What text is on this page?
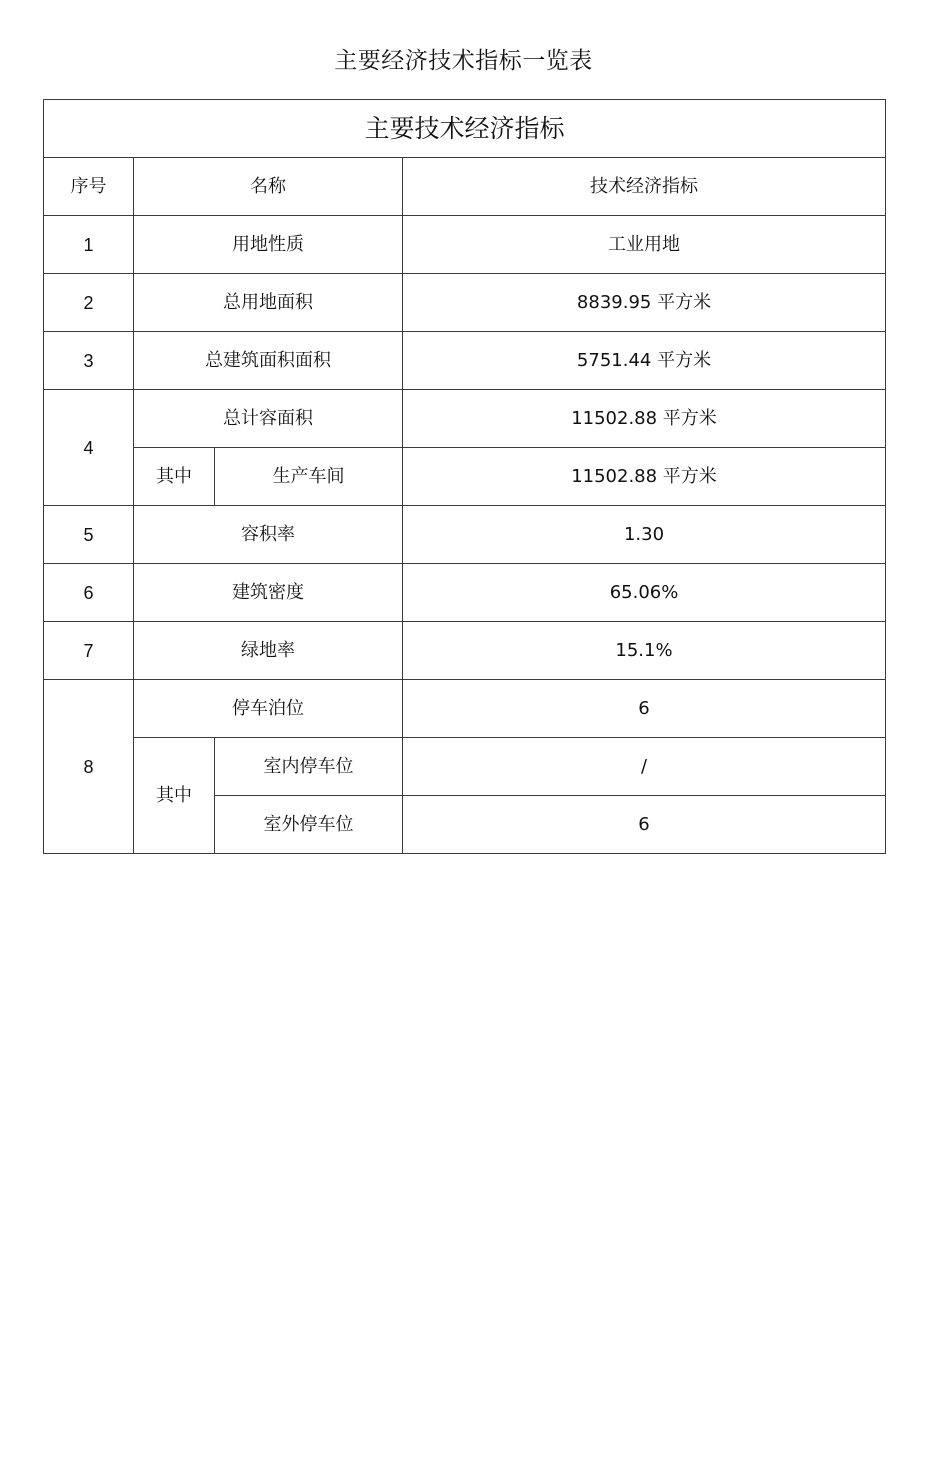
主要经济技术指标一览表
主要技术经济指标			
序号	名称		技术经济指标
1	用地性质		工业用地
2	总用地面积		8839.95 平方米
3	总建筑面积面积		5751.44 平方米
4	总计容面积		11502.88 平方米
	其中	生产车间	11502.88 平方米
5	容积率		1.30
6	建筑密度		65.06%
7	绿地率		15.1%
8	停车泊位		6
	其中	室内停车位	/
		室外停车位	6
